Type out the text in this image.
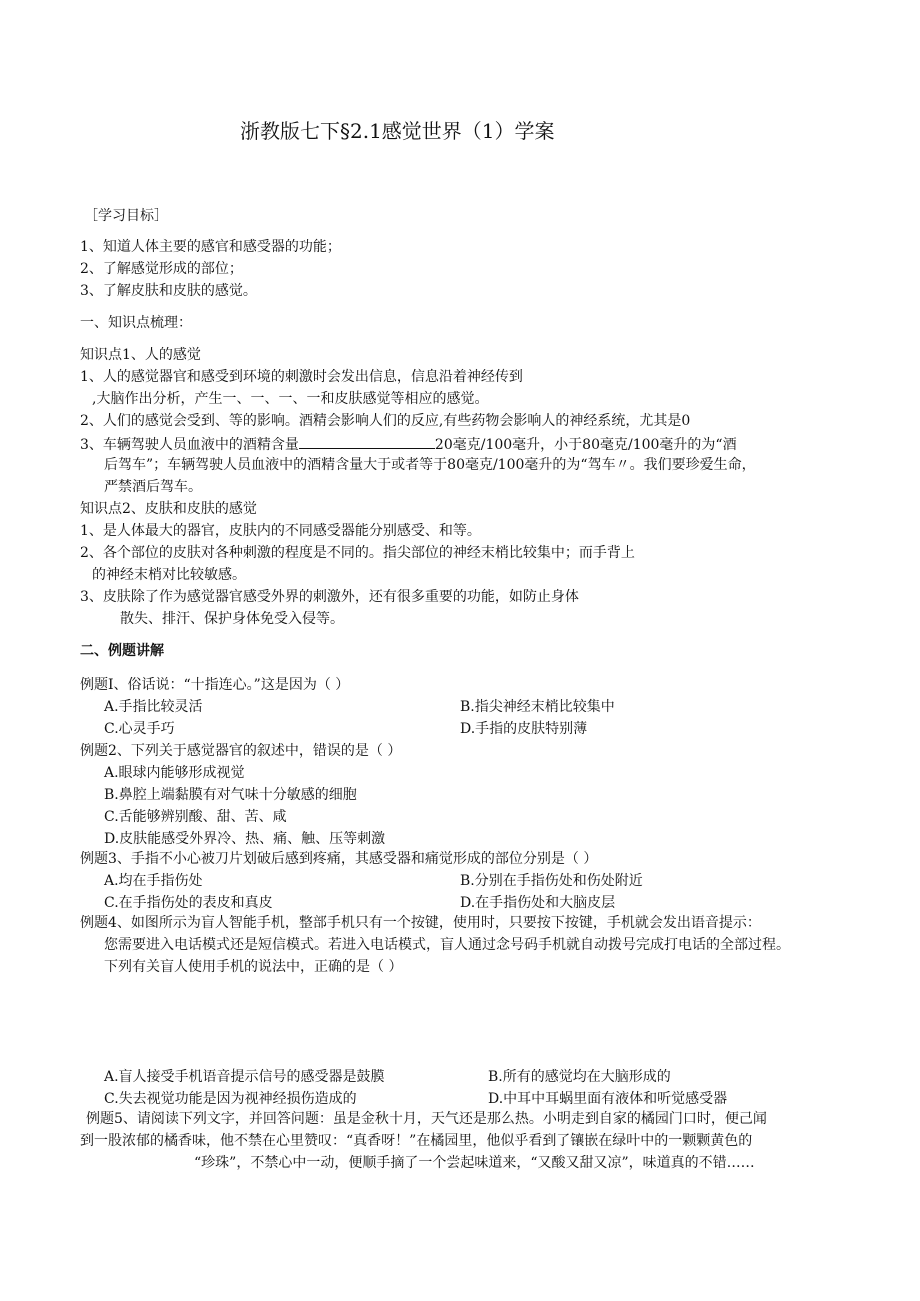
浙教版七下§2.1感觉世界（1）学案
［学习目标］
1、知道人体主要的感官和感受器的功能；
2、了解感觉形成的部位；
3、了解皮肤和皮肤的感觉。
一、知识点梳理：
知识点1、人的感觉
1、人的感觉器官和感受到环境的刺激时会发出信息，信息沿着神经传到
,大脑作出分析，产生一、一、一、一和皮肤感觉等相应的感觉。
2、人们的感觉会受到、等的影响。酒精会影响人们的反应,有些药物会影响人的神经系统，尤其是0
3、车辆驾驶人员血液中的酒精含量	20毫克/100毫升，小于80毫克/100毫升的为“酒
后驾车”；车辆驾驶人员血液中的酒精含量大于或者等于80毫克/100毫升的为“驾车〃。我们要珍爱生命，
严禁酒后驾车。
知识点2、皮肤和皮肤的感觉
1、是人体最大的器官，皮肤内的不同感受器能分别感受、和等。
2、各个部位的皮肤对各种刺激的程度是不同的。指尖部位的神经末梢比较集中；而手背上
的神经末梢对比较敏感。
3、皮肤除了作为感觉器官感受外界的刺激外，还有很多重要的功能，如防止身体
散失、排汗、保护身体免受入侵等。
二、例题讲解
例题I、俗话说：“十指连心。”这是因为（ ）
A.手指比较灵活	B.指尖神经末梢比较集中
C.心灵手巧	D.手指的皮肤特别薄
例题2、下列关于感觉器官的叙述中，错误的是（ ）
A.眼球内能够形成视觉
B.鼻腔上端黏膜有对气味十分敏感的细胞
C.舌能够辨别酸、甜、苦、咸
D.皮肤能感受外界冷、热、痛、触、压等刺激
例题3、手指不小心被刀片划破后感到疼痛，其感受器和痛觉形成的部位分别是（ ）
A.均在手指伤处	B.分别在手指伤处和伤处附近
C.在手指伤处的表皮和真皮	D.在手指伤处和大脑皮层
例题4、如图所示为盲人智能手机，整部手机只有一个按键，使用时，只要按下按键，手机就会发出语音提示：
您需要进入电话模式还是短信模式。若进入电话模式，盲人通过念号码手机就自动拨号完成打电话的全部过程。
下列有关盲人使用手机的说法中，正确的是（ ）
A.盲人接受手机语音提示信号的感受器是鼓膜	B.所有的感觉均在大脑形成的
C.失去视觉功能是因为视神经损伤造成的	D.中耳中耳蜗里面有液体和听觉感受器
例题5、请阅读下列文字，并回答问题：虽是金秋十月，天气还是那么热。小明走到自家的橘园门口时，便己闻
到一股浓郁的橘香味，他不禁在心里赞叹：“真香呀！”在橘园里，他似乎看到了镶嵌在绿叶中的一颗颗黄色的
“珍珠”，不禁心中一动，便顺手摘了一个尝起味道来，“又酸又甜又凉”，味道真的不错……
